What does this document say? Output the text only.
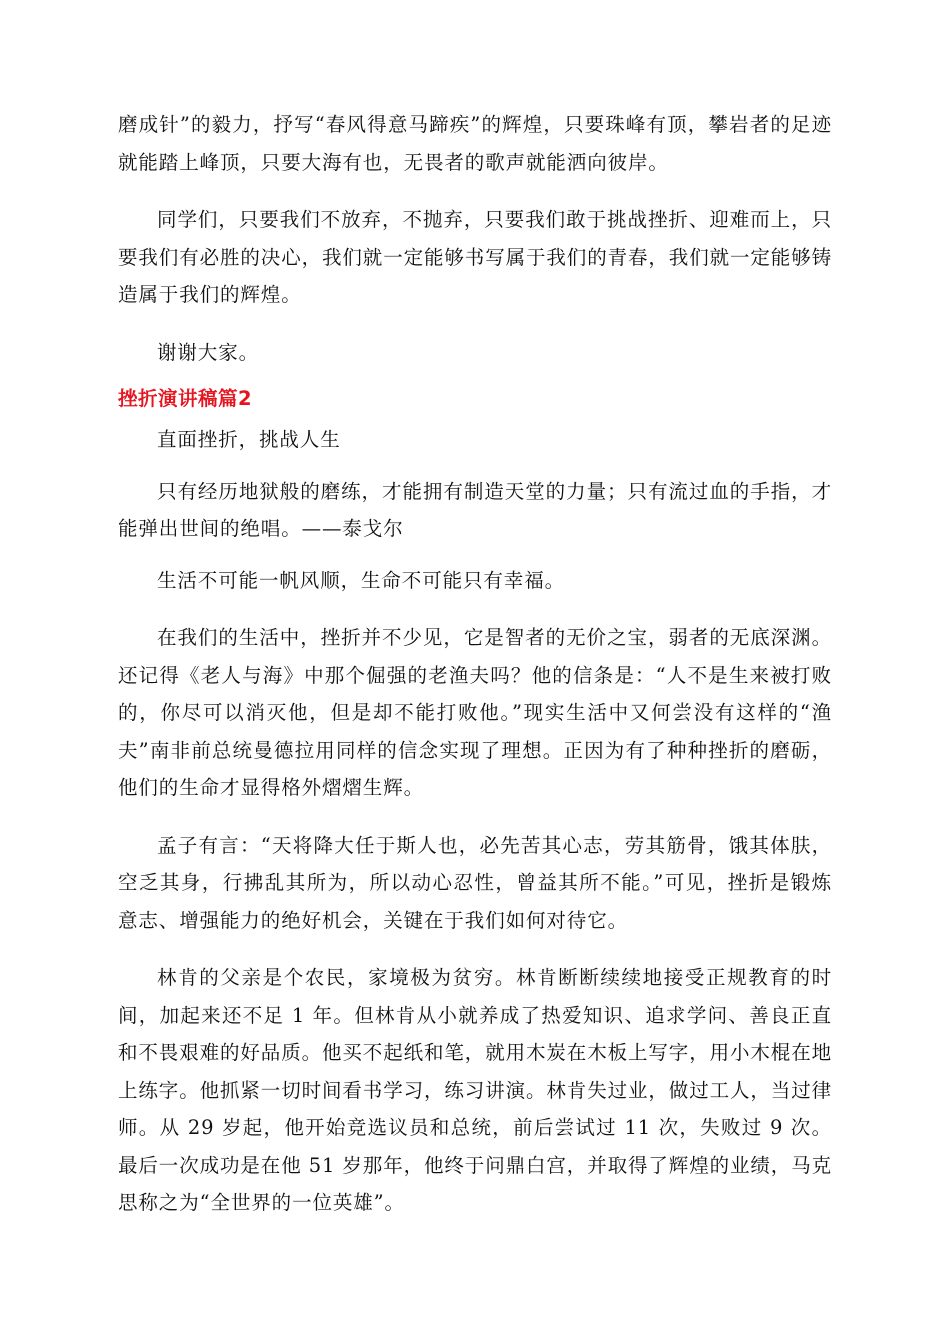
磨成针”的毅力，抒写“春风得意马蹄疾”的辉煌，只要珠峰有顶，攀岩者的足迹就能踏上峰顶，只要大海有也，无畏者的歌声就能洒向彼岸。

同学们，只要我们不放弃，不抛弃，只要我们敢于挑战挫折、迎难而上，只要我们有必胜的决心，我们就一定能够书写属于我们的青春，我们就一定能够铸造属于我们的辉煌。

谢谢大家。

挫折演讲稿篇2

直面挫折，挑战人生

只有经历地狱般的磨练，才能拥有制造天堂的力量；只有流过血的手指，才能弹出世间的绝唱。——泰戈尔

生活不可能一帆风顺，生命不可能只有幸福。

在我们的生活中，挫折并不少见，它是智者的无价之宝，弱者的无底深渊。还记得《老人与海》中那个倔强的老渔夫吗？他的信条是：“人不是生来被打败的，你尽可以消灭他，但是却不能打败他。”现实生活中又何尝没有这样的“渔夫”南非前总统曼德拉用同样的信念实现了理想。正因为有了种种挫折的磨砺，他们的生命才显得格外熠熠生辉。

孟子有言：“天将降大任于斯人也，必先苦其心志，劳其筋骨，饿其体肤，空乏其身，行拂乱其所为，所以动心忍性，曾益其所不能。”可见，挫折是锻炼意志、增强能力的绝好机会，关键在于我们如何对待它。

林肯的父亲是个农民，家境极为贫穷。林肯断断续续地接受正规教育的时间，加起来还不足 1 年。但林肯从小就养成了热爱知识、追求学问、善良正直和不畏艰难的好品质。他买不起纸和笔，就用木炭在木板上写字，用小木棍在地上练字。他抓紧一切时间看书学习，练习讲演。林肯失过业，做过工人，当过律师。从 29 岁起，他开始竞选议员和总统，前后尝试过 11 次，失败过 9 次。最后一次成功是在他 51 岁那年，他终于问鼎白宫，并取得了辉煌的业绩，马克思称之为“全世界的一位英雄”。
